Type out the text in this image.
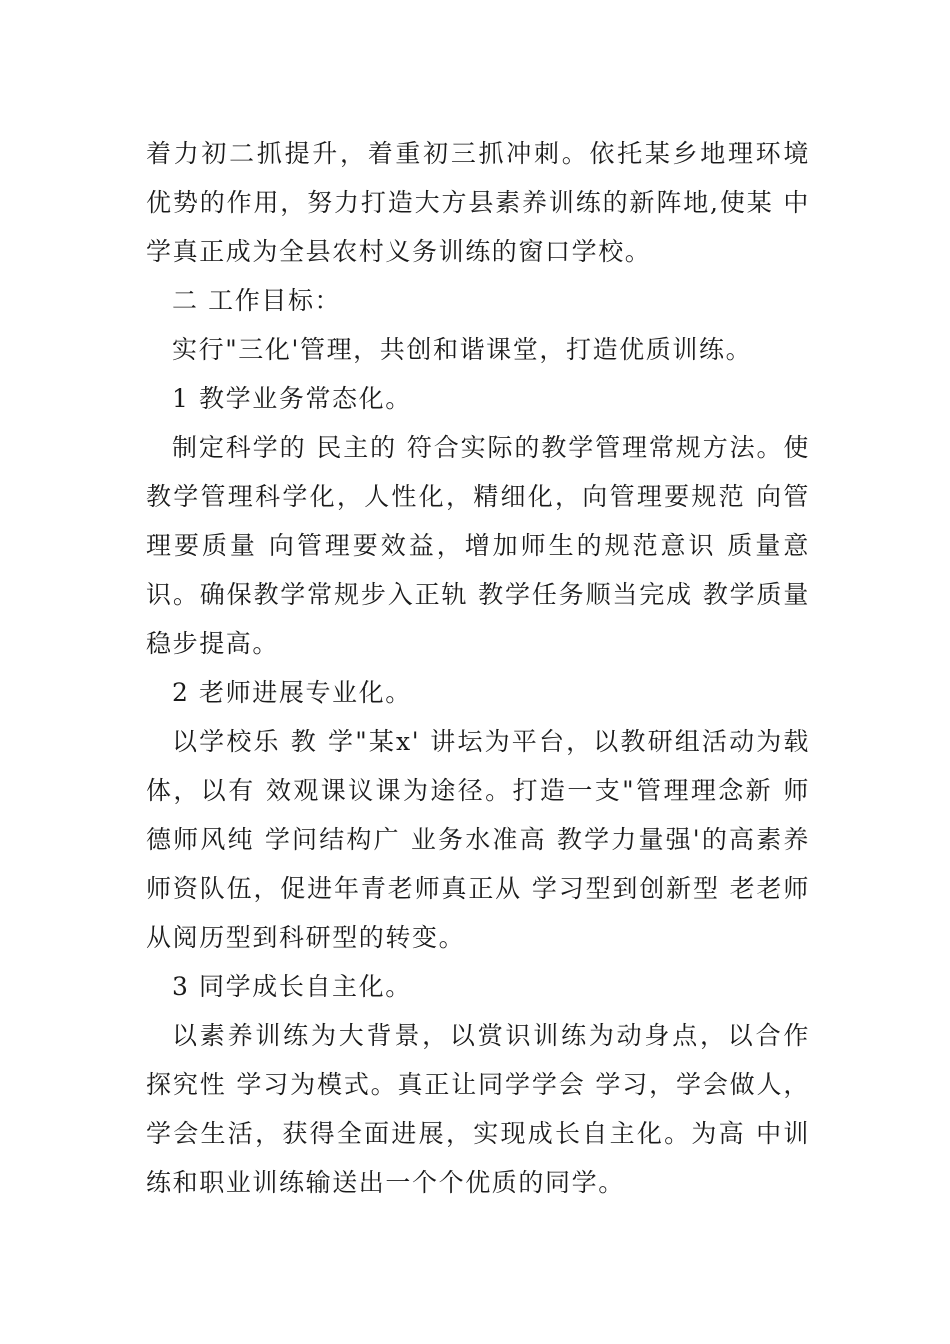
着力初二抓提升，着重初三抓冲刺。依托某乡地理环境优势的作用，努力打造大方县素养训练的新阵地,使某 中学真正成为全县农村义务训练的窗口学校。

二 工作目标：

实行"三化'管理，共创和谐课堂，打造优质训练。

1 教学业务常态化。

制定科学的 民主的 符合实际的教学管理常规方法。使教学管理科学化，人性化，精细化，向管理要规范 向管理要质量 向管理要效益，增加师生的规范意识 质量意识。确保教学常规步入正轨 教学任务顺当完成 教学质量稳步提高。

2 老师进展专业化。

以学校乐 教 学"某x' 讲坛为平台，以教研组活动为载体，以有 效观课议课为途径。打造一支"管理理念新 师德师风纯 学问结构广 业务水准高 教学力量强'的高素养师资队伍，促进年青老师真正从 学习型到创新型 老老师从阅历型到科研型的转变。

3 同学成长自主化。

以素养训练为大背景，以赏识训练为动身点，以合作探究性 学习为模式。真正让同学学会 学习，学会做人，学会生活，获得全面进展，实现成长自主化。为高 中训练和职业训练输送出一个个优质的同学。
